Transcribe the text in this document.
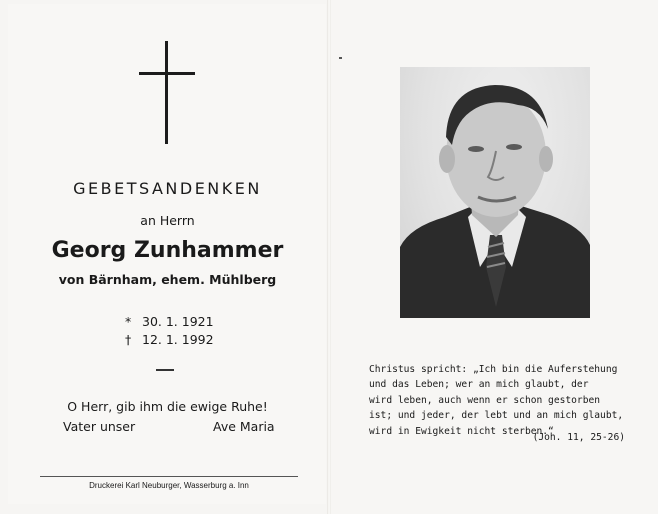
GEBETSANDENKEN
an Herrn
Georg Zunhammer
von Bärnham, ehem. Mühlberg
* 30. 1. 1921
† 12. 1. 1992
O Herr, gib ihm die ewige Ruhe!
Vater unser	Ave Maria
Druckerei Karl Neuburger, Wasserburg a. Inn
Christus spricht: „Ich bin die Auferstehung
und das Leben; wer an mich glaubt, der
wird leben, auch wenn er schon gestorben
ist; und jeder, der lebt und an mich glaubt,
wird in Ewigkeit nicht sterben.“
(Joh. 11, 25-26)
